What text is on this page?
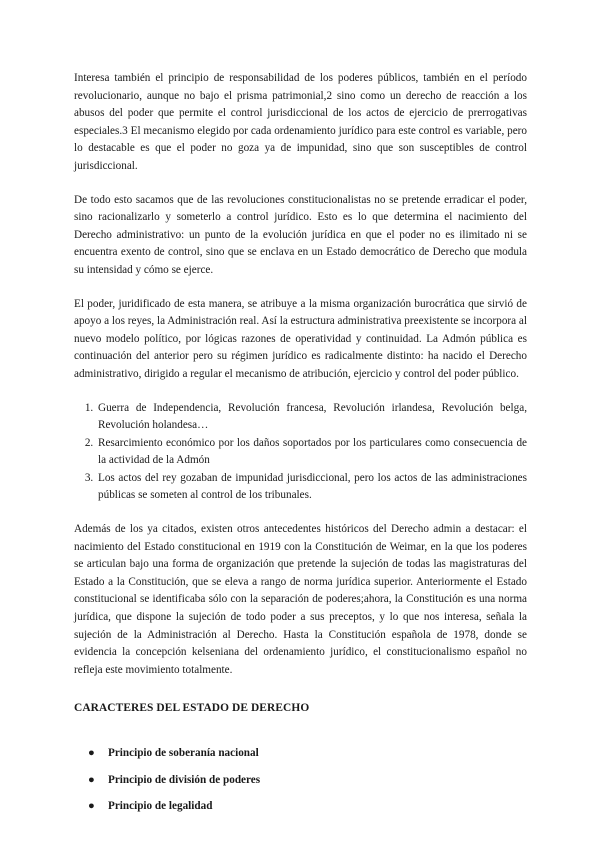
Interesa también el principio de responsabilidad de los poderes públicos, también en el período revolucionario, aunque no bajo el prisma patrimonial,2 sino como un derecho de reacción a los abusos del poder que permite el control jurisdiccional de los actos de ejercicio de prerrogativas especiales.3 El mecanismo elegido por cada ordenamiento jurídico para este control es variable, pero lo destacable es que el poder no goza ya de impunidad, sino que son susceptibles de control jurisdiccional.

De todo esto sacamos que de las revoluciones constitucionalistas no se pretende erradicar el poder, sino racionalizarlo y someterlo a control jurídico. Esto es lo que determina el nacimiento del Derecho administrativo: un punto de la evolución jurídica en que el poder no es ilimitado ni se encuentra exento de control, sino que se enclava en un Estado democrático de Derecho que modula su intensidad y cómo se ejerce.

El poder, juridificado de esta manera, se atribuye a la misma organización burocrática que sirvió de apoyo a los reyes, la Administración real. Así la estructura administrativa preexistente se incorpora al nuevo modelo político, por lógicas razones de operatividad y continuidad. La Admón pública es continuación del anterior pero su régimen jurídico es radicalmente distinto: ha nacido el Derecho administrativo, dirigido a regular el mecanismo de atribución, ejercicio y control del poder público.

1. Guerra de Independencia, Revolución francesa, Revolución irlandesa, Revolución belga, Revolución holandesa…
2. Resarcimiento económico por los daños soportados por los particulares como consecuencia de la actividad de la Admón
3. Los actos del rey gozaban de impunidad jurisdiccional, pero los actos de las administraciones públicas se someten al control de los tribunales.

Además de los ya citados, existen otros antecedentes históricos del Derecho admin a destacar: el nacimiento del Estado constitucional en 1919 con la Constitución de Weimar, en la que los poderes se articulan bajo una forma de organización que pretende la sujeción de todas las magistraturas del Estado a la Constitución, que se eleva a rango de norma jurídica superior. Anteriormente el Estado constitucional se identificaba sólo con la separación de poderes;ahora, la Constitución es una norma jurídica, que dispone la sujeción de todo poder a sus preceptos, y lo que nos interesa, señala la sujeción de la Administración al Derecho. Hasta la Constitución española de 1978, donde se evidencia la concepción kelseniana del ordenamiento jurídico, el constitucionalismo español no refleja este movimiento totalmente.

CARACTERES DEL ESTADO DE DERECHO
● Principio de soberanía nacional
● Principio de división de poderes
● Principio de legalidad
